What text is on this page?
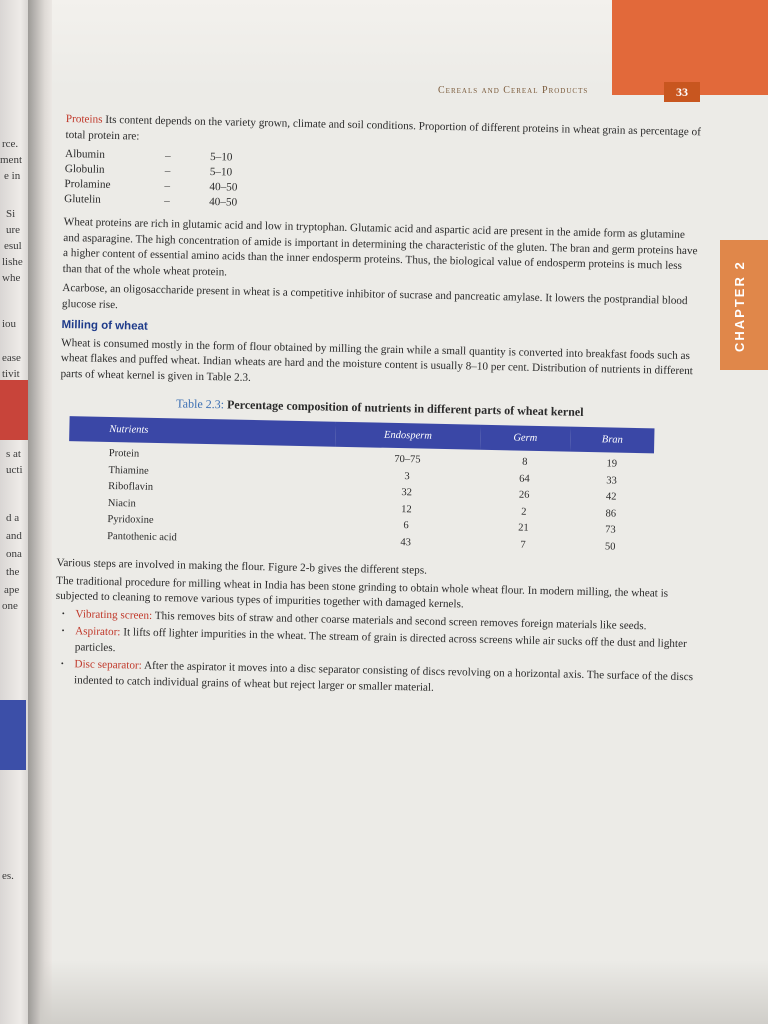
rce.
ment
e in
Si
ure
esul
lishe
whe
iou
ease
tivit
s at
ucti
d a
and
ona
the
ape
one
es.
Cereals and Cereal Products	33
CHAPTER 2

Proteins Its content depends on the variety grown, climate and soil conditions. Proportion of different proteins in wheat grain as percentage of total protein are:

Albumin	–	5–10
Globulin	–	5–10
Prolamine	–	40–50
Glutelin	–	40–50

Wheat proteins are rich in glutamic acid and low in tryptophan. Glutamic acid and aspartic acid are present in the amide form as glutamine and asparagine. The high concentration of amide is important in determining the characteristic of the gluten. The bran and germ proteins have a higher content of essential amino acids than the inner endosperm proteins. Thus, the biological value of endosperm proteins is much less than that of the whole wheat protein.

Acarbose, an oligosaccharide present in wheat is a competitive inhibitor of sucrase and pancreatic amylase. It lowers the postprandial blood glucose rise.

Milling of wheat

Wheat is consumed mostly in the form of flour obtained by milling the grain while a small quantity is converted into breakfast foods such as wheat flakes and puffed wheat. Indian wheats are hard and the moisture content is usually 8–10 per cent. Distribution of nutrients in different parts of wheat kernel is given in Table 2.3.

Table 2.3: Percentage composition of nutrients in different parts of wheat kernel
Nutrients	Endosperm	Germ	Bran
Protein	70–75	8	19
Thiamine	3	64	33
Riboflavin	32	26	42
Niacin	12	2	86
Pyridoxine	6	21	73
Pantothenic acid	43	7	50

Various steps are involved in making the flour. Figure 2-b gives the different steps.

The traditional procedure for milling wheat in India has been stone grinding to obtain whole wheat flour. In modern milling, the wheat is subjected to cleaning to remove various types of impurities together with damaged kernels.

· Vibrating screen: This removes bits of straw and other coarse materials and second screen removes foreign materials like seeds.

· Aspirator: It lifts off lighter impurities in the wheat. The stream of grain is directed across screens while air sucks off the dust and lighter particles.

· Disc separator: After the aspirator it moves into a disc separator consisting of discs revolving on a horizontal axis. The surface of the discs indented to catch individual grains of wheat but reject larger or smaller material.
